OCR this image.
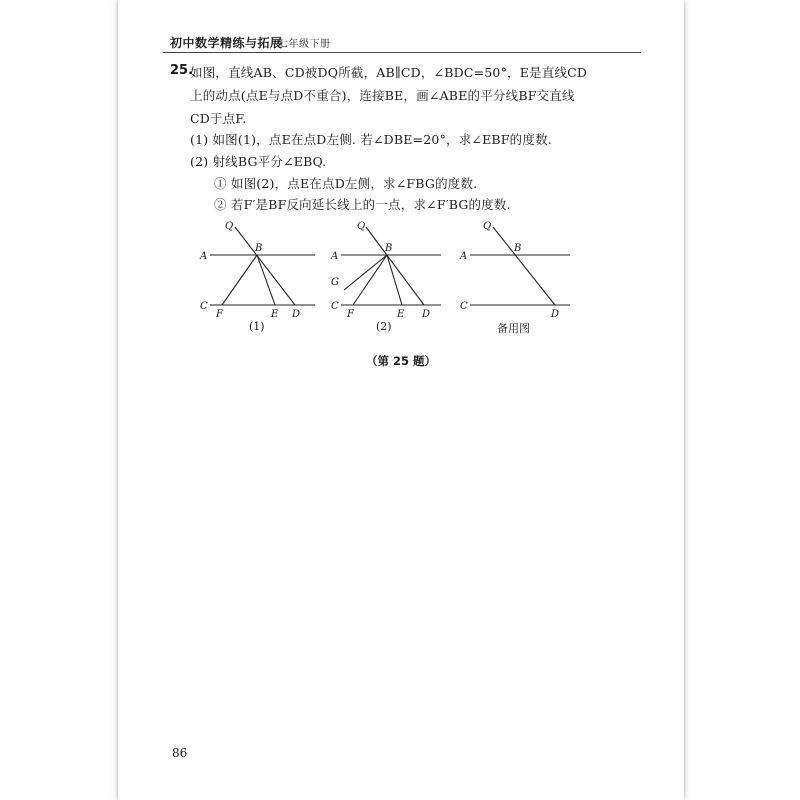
初中数学精练与拓展
七年级下册
25.
如图，直线AB、CD被DQ所截，AB∥CD，∠BDC=50°，E是直线CD
上的动点(点E与点D不重合)，连接BE，画∠ABE的平分线BF交直线
CD于点F.
(1) 如图(1)，点E在点D左侧. 若∠DBE=20°，求∠EBF的度数.
(2) 射线BG平分∠EBQ.
① 如图(2)，点E在点D左侧，求∠FBG的度数.
② 若F′是BF反向延长线上的一点，求∠F′BG的度数.
Q
A
B
C
F	E D
(1)
Q
A
B
G
C
F	E D
(2)
Q
A
B
C
D
备用图
（第 25 题）
86
